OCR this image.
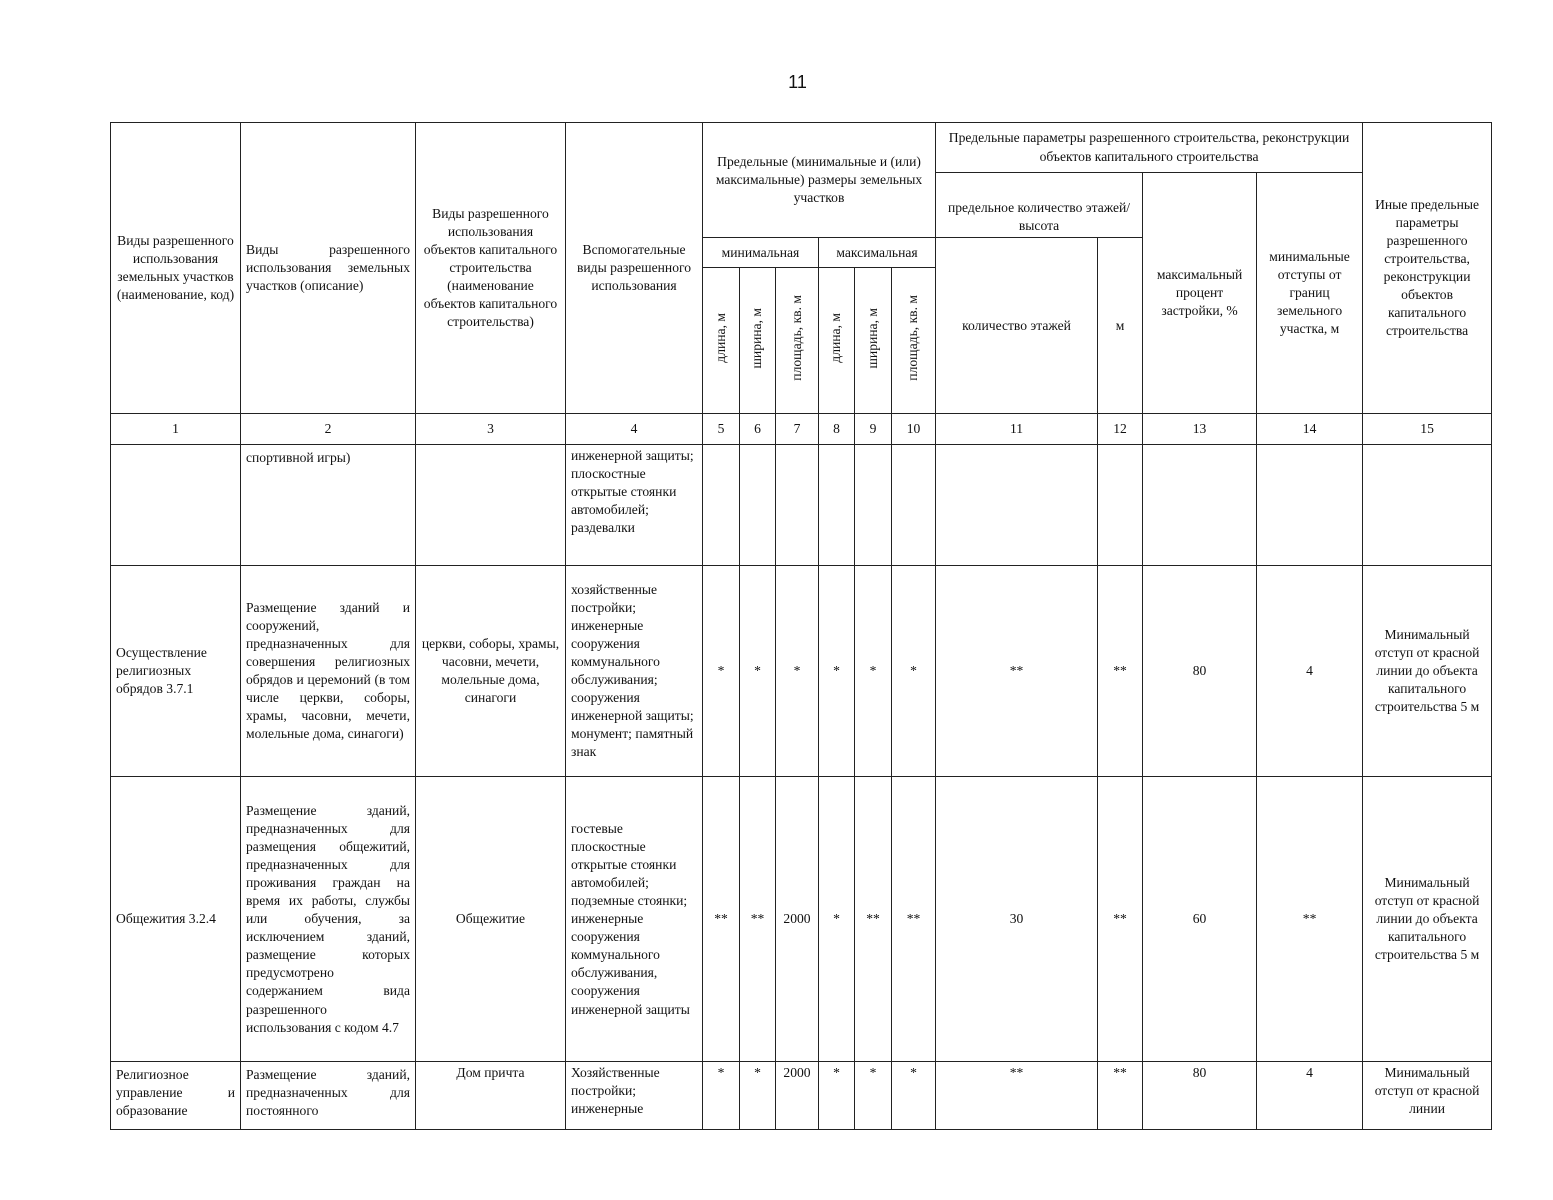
11
Виды разрешенного использования земельных участков (наименование, код)	Виды разрешенного использования земельных участков (описание)	Виды разрешенного использования объектов капитального строительства (наименование объектов капитального строительства)	Вспомогательные виды разрешенного использования	Предельные (минимальные и (или) максимальные) размеры земельных участков						Предельные параметры разрешенного строительства, реконструкции объектов капитального строительства				Иные предельные параметры разрешенного строительства, реконструкции объектов капитального строительства
										предельное количество этажей/высота		максимальный процент застройки, %	минимальные отступы от границ земельного участка, м	
				минимальная			максимальная			количество этажей	м			
				длина, м	ширина, м	площадь, кв. м	длина, м	ширина, м	площадь, кв. м					
1	2	3	4	5	6	7	8	9	10	11	12	13	14	15
	спортивной игры)		инженерной защиты; плоскостные открытые стоянки автомобилей; раздевалки											
Осуществление религиозных обрядов 3.7.1	Размещение зданий и сооружений, предназначенных для совершения религиозных обрядов и церемоний (в том числе церкви, соборы, храмы, часовни, мечети, молельные дома, синагоги)	церкви, соборы, храмы, часовни, мечети, молельные дома, синагоги	хозяйственные постройки; инженерные сооружения коммунального обслуживания; сооружения инженерной защиты; монумент; памятный знак	*	*	*	*	*	*	**	**	80	4	Минимальный отступ от красной линии до объекта капитального строительства 5 м
Общежития 3.2.4	Размещение зданий, предназначенных для размещения общежитий, предназначенных для проживания граждан на время их работы, службы или обучения, за исключением зданий, размещение которых предусмотрено содержанием вида разрешенного использования с кодом 4.7	Общежитие	гостевые плоскостные открытые стоянки автомобилей; подземные стоянки; инженерные сооружения коммунального обслуживания, сооружения инженерной защиты	**	**	2000	*	**	**	30	**	60	**	Минимальный отступ от красной линии до объекта капитального строительства 5 м
Религиозное управление и образование	Размещение зданий, предназначенных для постоянного	Дом причта	Хозяйственные постройки; инженерные	*	*	2000	*	*	*	**	**	80	4	Минимальный отступ от красной линии
